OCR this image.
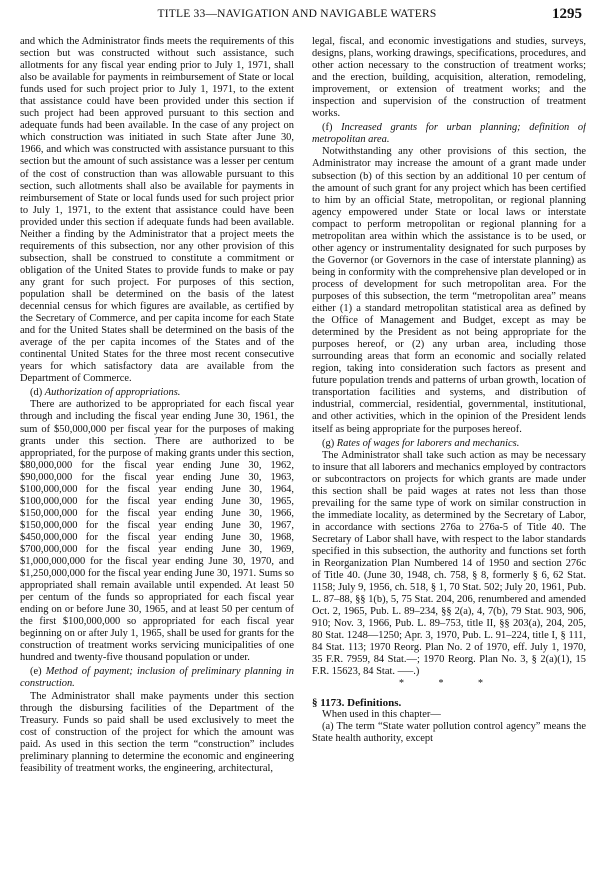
TITLE 33—NAVIGATION AND NAVIGABLE WATERS	1295

and which the Administrator finds meets the requirements of this section but was constructed without such assistance, such allotments for any fiscal year ending prior to July 1, 1971, shall also be available for payments in reimbursement of State or local funds used for such project prior to July 1, 1971, to the extent that assistance could have been provided under this section if such project had been approved pursuant to this section and adequate funds had been available. In the case of any project on which construction was initiated in such State after June 30, 1966, and which was constructed with assistance pursuant to this section but the amount of such assistance was a lesser per centum of the cost of construction than was allowable pursuant to this section, such allotments shall also be available for payments in reimbursement of State or local funds used for such project prior to July 1, 1971, to the extent that assistance could have been provided under this section if adequate funds had been available. Neither a finding by the Administrator that a project meets the requirements of this subsection, nor any other provision of this subsection, shall be construed to constitute a commitment or obligation of the United States to provide funds to make or pay any grant for such project. For purposes of this section, population shall be determined on the basis of the latest decennial census for which figures are available, as certified by the Secretary of Commerce, and per capita income for each State and for the United States shall be determined on the basis of the average of the per capita incomes of the States and of the continental United States for the three most recent consecutive years for which satisfactory data are available from the Department of Commerce.

(d) Authorization of appropriations.

There are authorized to be appropriated for each fiscal year through and including the fiscal year ending June 30, 1961, the sum of $50,000,000 per fiscal year for the purposes of making grants under this section. There are authorized to be appropriated, for the purpose of making grants under this section, $80,000,000 for the fiscal year ending June 30, 1962, $90,000,000 for the fiscal year ending June 30, 1963, $100,000,000 for the fiscal year ending June 30, 1964, $100,000,000 for the fiscal year ending June 30, 1965, $150,000,000 for the fiscal year ending June 30, 1966, $150,000,000 for the fiscal year ending June 30, 1967, $450,000,000 for the fiscal year ending June 30, 1968, $700,000,000 for the fiscal year ending June 30, 1969, $1,000,000,000 for the fiscal year ending June 30, 1970, and $1,250,000,000 for the fiscal year ending June 30, 1971. Sums so appropriated shall remain available until expended. At least 50 per centum of the funds so appropriated for each fiscal year ending on or before June 30, 1965, and at least 50 per centum of the first $100,000,000 so appropriated for each fiscal year beginning on or after July 1, 1965, shall be used for grants for the construction of treatment works servicing municipalities of one hundred and twenty-five thousand population or under.

(e) Method of payment; inclusion of preliminary planning in construction.

The Administrator shall make payments under this section through the disbursing facilities of the Department of the Treasury. Funds so paid shall be used exclusively to meet the cost of construction of the project for which the amount was paid. As used in this section the term “construction” includes preliminary planning to determine the economic and engineering feasibility of treatment works, the engineering, architectural,

legal, fiscal, and economic investigations and studies, surveys, designs, plans, working drawings, specifications, procedures, and other action necessary to the construction of treatment works; and the erection, building, acquisition, alteration, remodeling, improvement, or extension of treatment works; and the inspection and supervision of the construction of treatment works.

(f) Increased grants for urban planning; definition of metropolitan area.

Notwithstanding any other provisions of this section, the Administrator may increase the amount of a grant made under subsection (b) of this section by an additional 10 per centum of the amount of such grant for any project which has been certified to him by an official State, metropolitan, or regional planning agency empowered under State or local laws or interstate compact to perform metropolitan or regional planning for a metropolitan area within which the assistance is to be used, or other agency or instrumentality designated for such purposes by the Governor (or Governors in the case of interstate planning) as being in conformity with the comprehensive plan developed or in process of development for such metropolitan area. For the purposes of this subsection, the term “metropolitan area” means either (1) a standard metropolitan statistical area as defined by the Office of Management and Budget, except as may be determined by the President as not being appropriate for the purposes hereof, or (2) any urban area, including those surrounding areas that form an economic and socially related region, taking into consideration such factors as present and future population trends and patterns of urban growth, location of transportation facilities and systems, and distribution of industrial, commercial, residential, governmental, institutional, and other activities, which in the opinion of the President lends itself as being appropriate for the purposes hereof.

(g) Rates of wages for laborers and mechanics.

The Administrator shall take such action as may be necessary to insure that all laborers and mechanics employed by contractors or subcontractors on projects for which grants are made under this section shall be paid wages at rates not less than those prevailing for the same type of work on similar construction in the immediate locality, as determined by the Secretary of Labor, in accordance with sections 276a to 276a-5 of Title 40. The Secretary of Labor shall have, with respect to the labor standards specified in this subsection, the authority and functions set forth in Reorganization Plan Numbered 14 of 1950 and section 276c of Title 40. (June 30, 1948, ch. 758, § 8, formerly § 6, 62 Stat. 1158; July 9, 1956, ch. 518, § 1, 70 Stat. 502; July 20, 1961, Pub. L. 87–88, §§ 1(b), 5, 75 Stat. 204, 206, renumbered and amended Oct. 2, 1965, Pub. L. 89–234, §§ 2(a), 4, 7(b), 79 Stat. 903, 906, 910; Nov. 3, 1966, Pub. L. 89–753, title II, §§ 203(a), 204, 205, 80 Stat. 1248—1250; Apr. 3, 1970, Pub. L. 91–224, title I, § 111, 84 Stat. 113; 1970 Reorg. Plan No. 2 of 1970, eff. July 1, 1970, 35 F.R. 7959, 84 Stat.—; 1970 Reorg. Plan No. 3, § 2(a)(1), 15 F.R. 15623, 84 Stat. —–.)

* * *

§ 1173. Definitions.

When used in this chapter—

(a) The term “State water pollution control agency” means the State health authority, except
